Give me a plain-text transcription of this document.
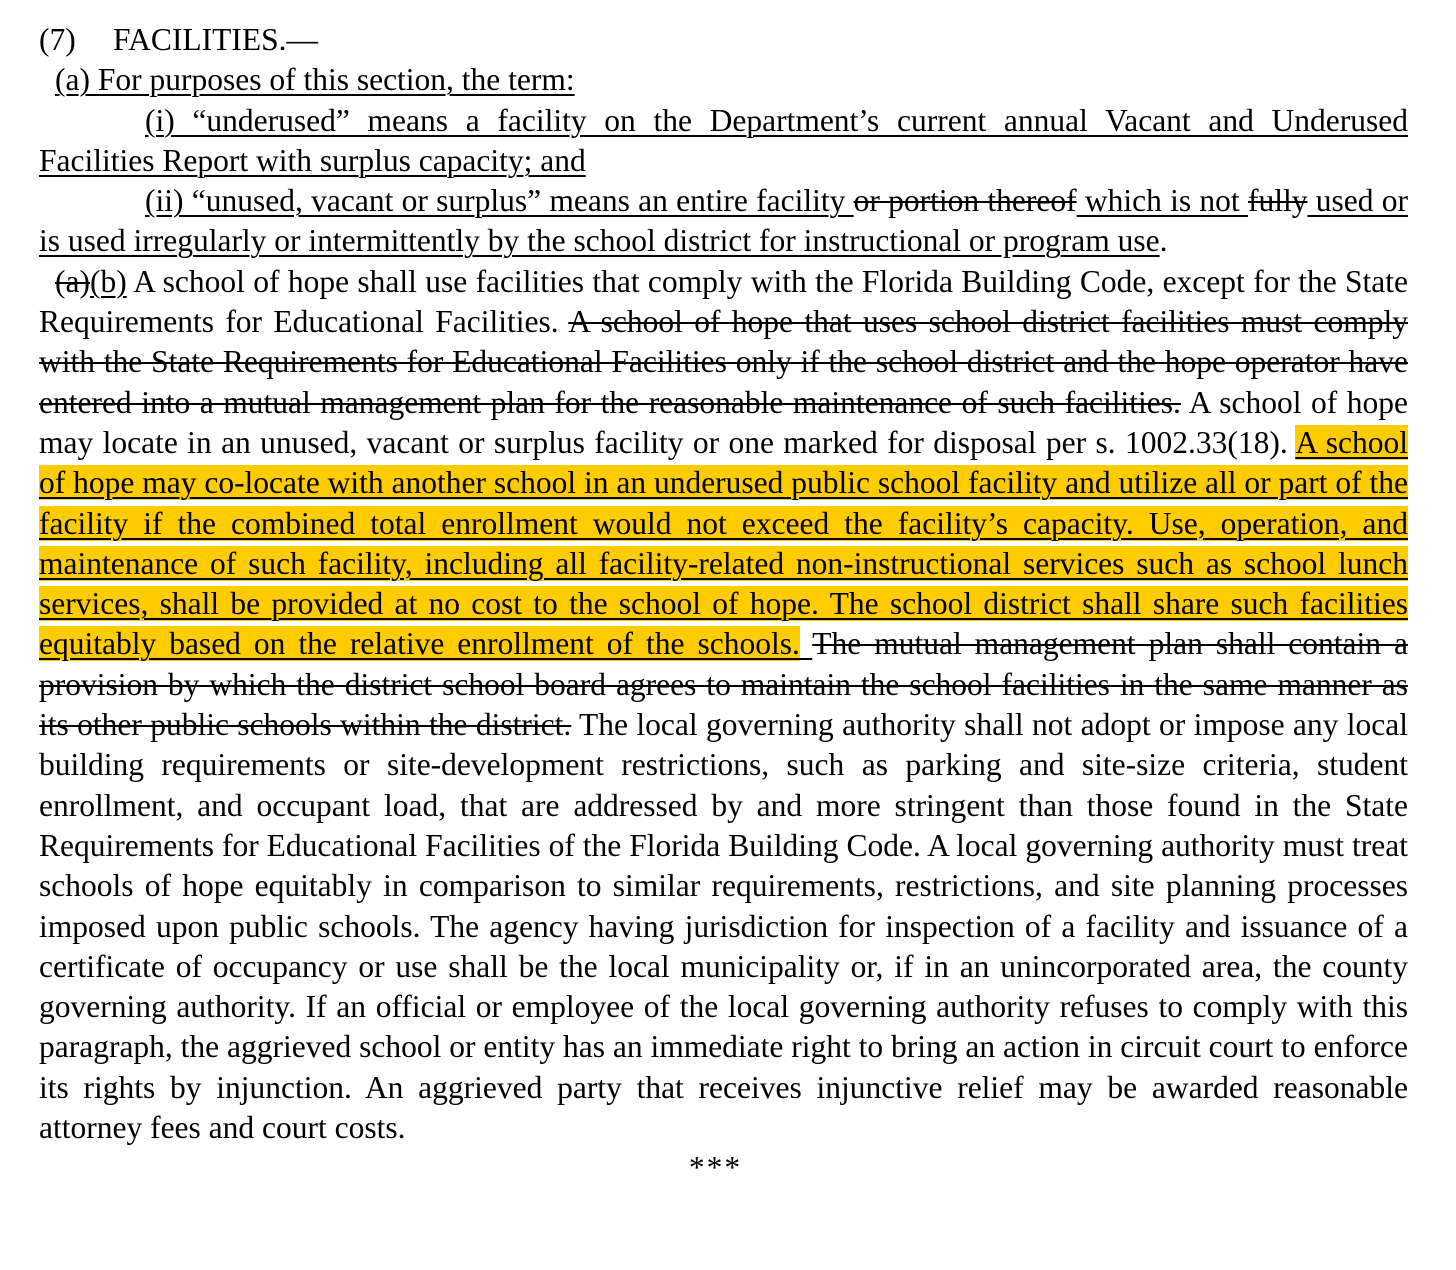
(7) FACILITIES.—

(a) For purposes of this section, the term:

(i) “underused” means a facility on the Department’s current annual Vacant and Underused Facilities Report with surplus capacity; and

(ii) “unused, vacant or surplus” means an entire facility or portion thereof which is not fully used or is used irregularly or intermittently by the school district for instructional or program use.

(a)(b) A school of hope shall use facilities that comply with the Florida Building Code, except for the State Requirements for Educational Facilities. A school of hope that uses school district facilities must comply with the State Requirements for Educational Facilities only if the school district and the hope operator have entered into a mutual management plan for the reasonable maintenance of such facilities. A school of hope may locate in an unused, vacant or surplus facility or one marked for disposal per s. 1002.33(18). A school of hope may co-locate with another school in an underused public school facility and utilize all or part of the facility if the combined total enrollment would not exceed the facility’s capacity. Use, operation, and maintenance of such facility, including all facility-related non-instructional services such as school lunch services, shall be provided at no cost to the school of hope. The school district shall share such facilities equitably based on the relative enrollment of the schools. The mutual management plan shall contain a provision by which the district school board agrees to maintain the school facilities in the same manner as its other public schools within the district. The local governing authority shall not adopt or impose any local building requirements or site-development restrictions, such as parking and site-size criteria, student enrollment, and occupant load, that are addressed by and more stringent than those found in the State Requirements for Educational Facilities of the Florida Building Code. A local governing authority must treat schools of hope equitably in comparison to similar requirements, restrictions, and site planning processes imposed upon public schools. The agency having jurisdiction for inspection of a facility and issuance of a certificate of occupancy or use shall be the local municipality or, if in an unincorporated area, the county governing authority. If an official or employee of the local governing authority refuses to comply with this paragraph, the aggrieved school or entity has an immediate right to bring an action in circuit court to enforce its rights by injunction. An aggrieved party that receives injunctive relief may be awarded reasonable attorney fees and court costs.

***
